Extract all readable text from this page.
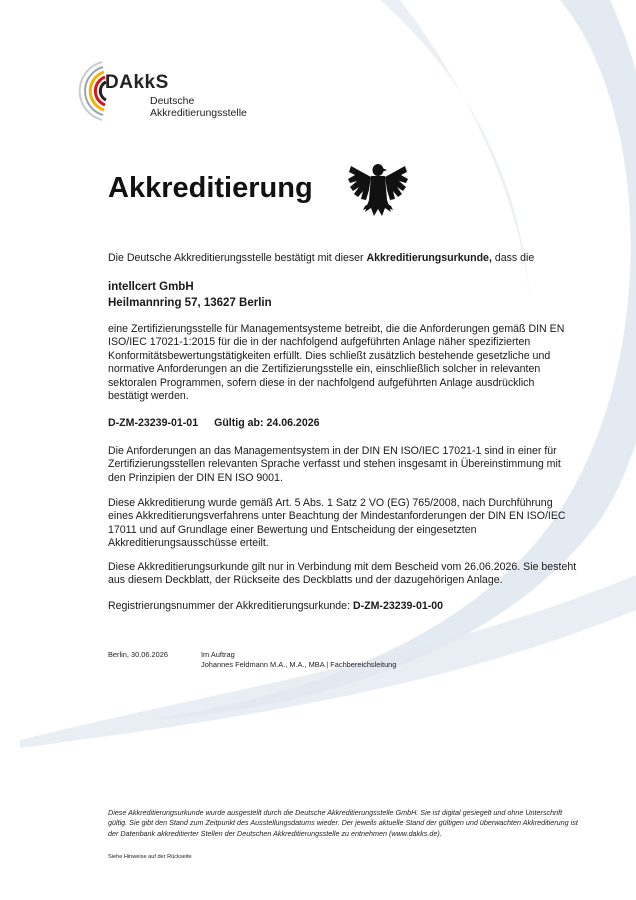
DAkkS
Deutsche
Akkreditierungsstelle
Akkreditierung
Die Deutsche Akkreditierungsstelle bestätigt mit dieser Akkreditierungsurkunde, dass die
intellcert GmbH
Heilmannring 57, 13627 Berlin
eine Zertifizierungsstelle für Managementsysteme betreibt, die die Anforderungen gemäß DIN EN ISO/IEC 17021-1:2015 für die in der nachfolgend aufgeführten Anlage näher spezifizierten Konformitätsbewertungstätigkeiten erfüllt. Dies schließt zusätzlich bestehende gesetzliche und normative Anforderungen an die Zertifizierungsstelle ein, einschließlich solcher in relevanten sektoralen Programmen, sofern diese in der nachfolgend aufgeführten Anlage ausdrücklich bestätigt werden.
D-ZM-23239-01-01 Gültig ab: 24.06.2026
Die Anforderungen an das Managementsystem in der DIN EN ISO/IEC 17021-1 sind in einer für Zertifizierungsstellen relevanten Sprache verfasst und stehen insgesamt in Übereinstimmung mit den Prinzipien der DIN EN ISO 9001.
Diese Akkreditierung wurde gemäß Art. 5 Abs. 1 Satz 2 VO (EG) 765/2008, nach Durchführung eines Akkreditierungsverfahrens unter Beachtung der Mindestanforderungen der DIN EN ISO/IEC 17011 und auf Grundlage einer Bewertung und Entscheidung der eingesetzten Akkreditierungsausschüsse erteilt.
Diese Akkreditierungsurkunde gilt nur in Verbindung mit dem Bescheid vom 26.06.2026. Sie besteht aus diesem Deckblatt, der Rückseite des Deckblatts und der dazugehörigen Anlage.
Registrierungsnummer der Akkreditierungsurkunde: D-ZM-23239-01-00
Berlin, 30.06.2026	Im Auftrag
Johannes Feldmann M.A., M.A., MBA | Fachbereichsleitung
Diese Akkreditierungsurkunde wurde ausgestellt durch die Deutsche Akkreditierungsstelle GmbH. Sie ist digital gesiegelt und ohne Unterschrift gültig. Sie gibt den Stand zum Zeitpunkt des Ausstellungsdatums wieder. Der jeweils aktuelle Stand der gültigen und überwachten Akkreditierung ist der Datenbank akkreditierter Stellen der Deutschen Akkreditierungsstelle zu entnehmen (www.dakks.de).
Siehe Hinweise auf der Rückseite
